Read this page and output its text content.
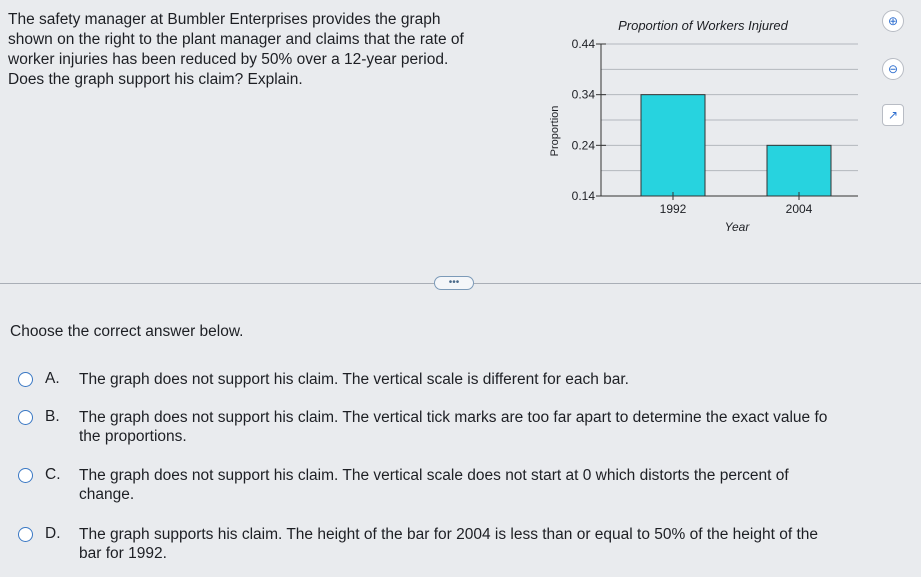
The safety manager at Bumbler Enterprises provides the graph
shown on the right to the plant manager and claims that the rate of
worker injuries has been reduced by 50% over a 12-year period.
Does the graph support his claim? Explain.

0.44
0.34
0.24
0.14
1992	2004
Proportion of Workers Injured
Year
Proportion
⊕
⊖
↗
•••

Choose the correct answer below.

A.	The graph does not support his claim. The vertical scale is different for each bar.
B.	The graph does not support his claim. The vertical tick marks are too far apart to determine the exact value fo
the proportions.
C.	The graph does not support his claim. The vertical scale does not start at 0 which distorts the percent of
change.
D.	The graph supports his claim. The height of the bar for 2004 is less than or equal to 50% of the height of the
bar for 1992.
